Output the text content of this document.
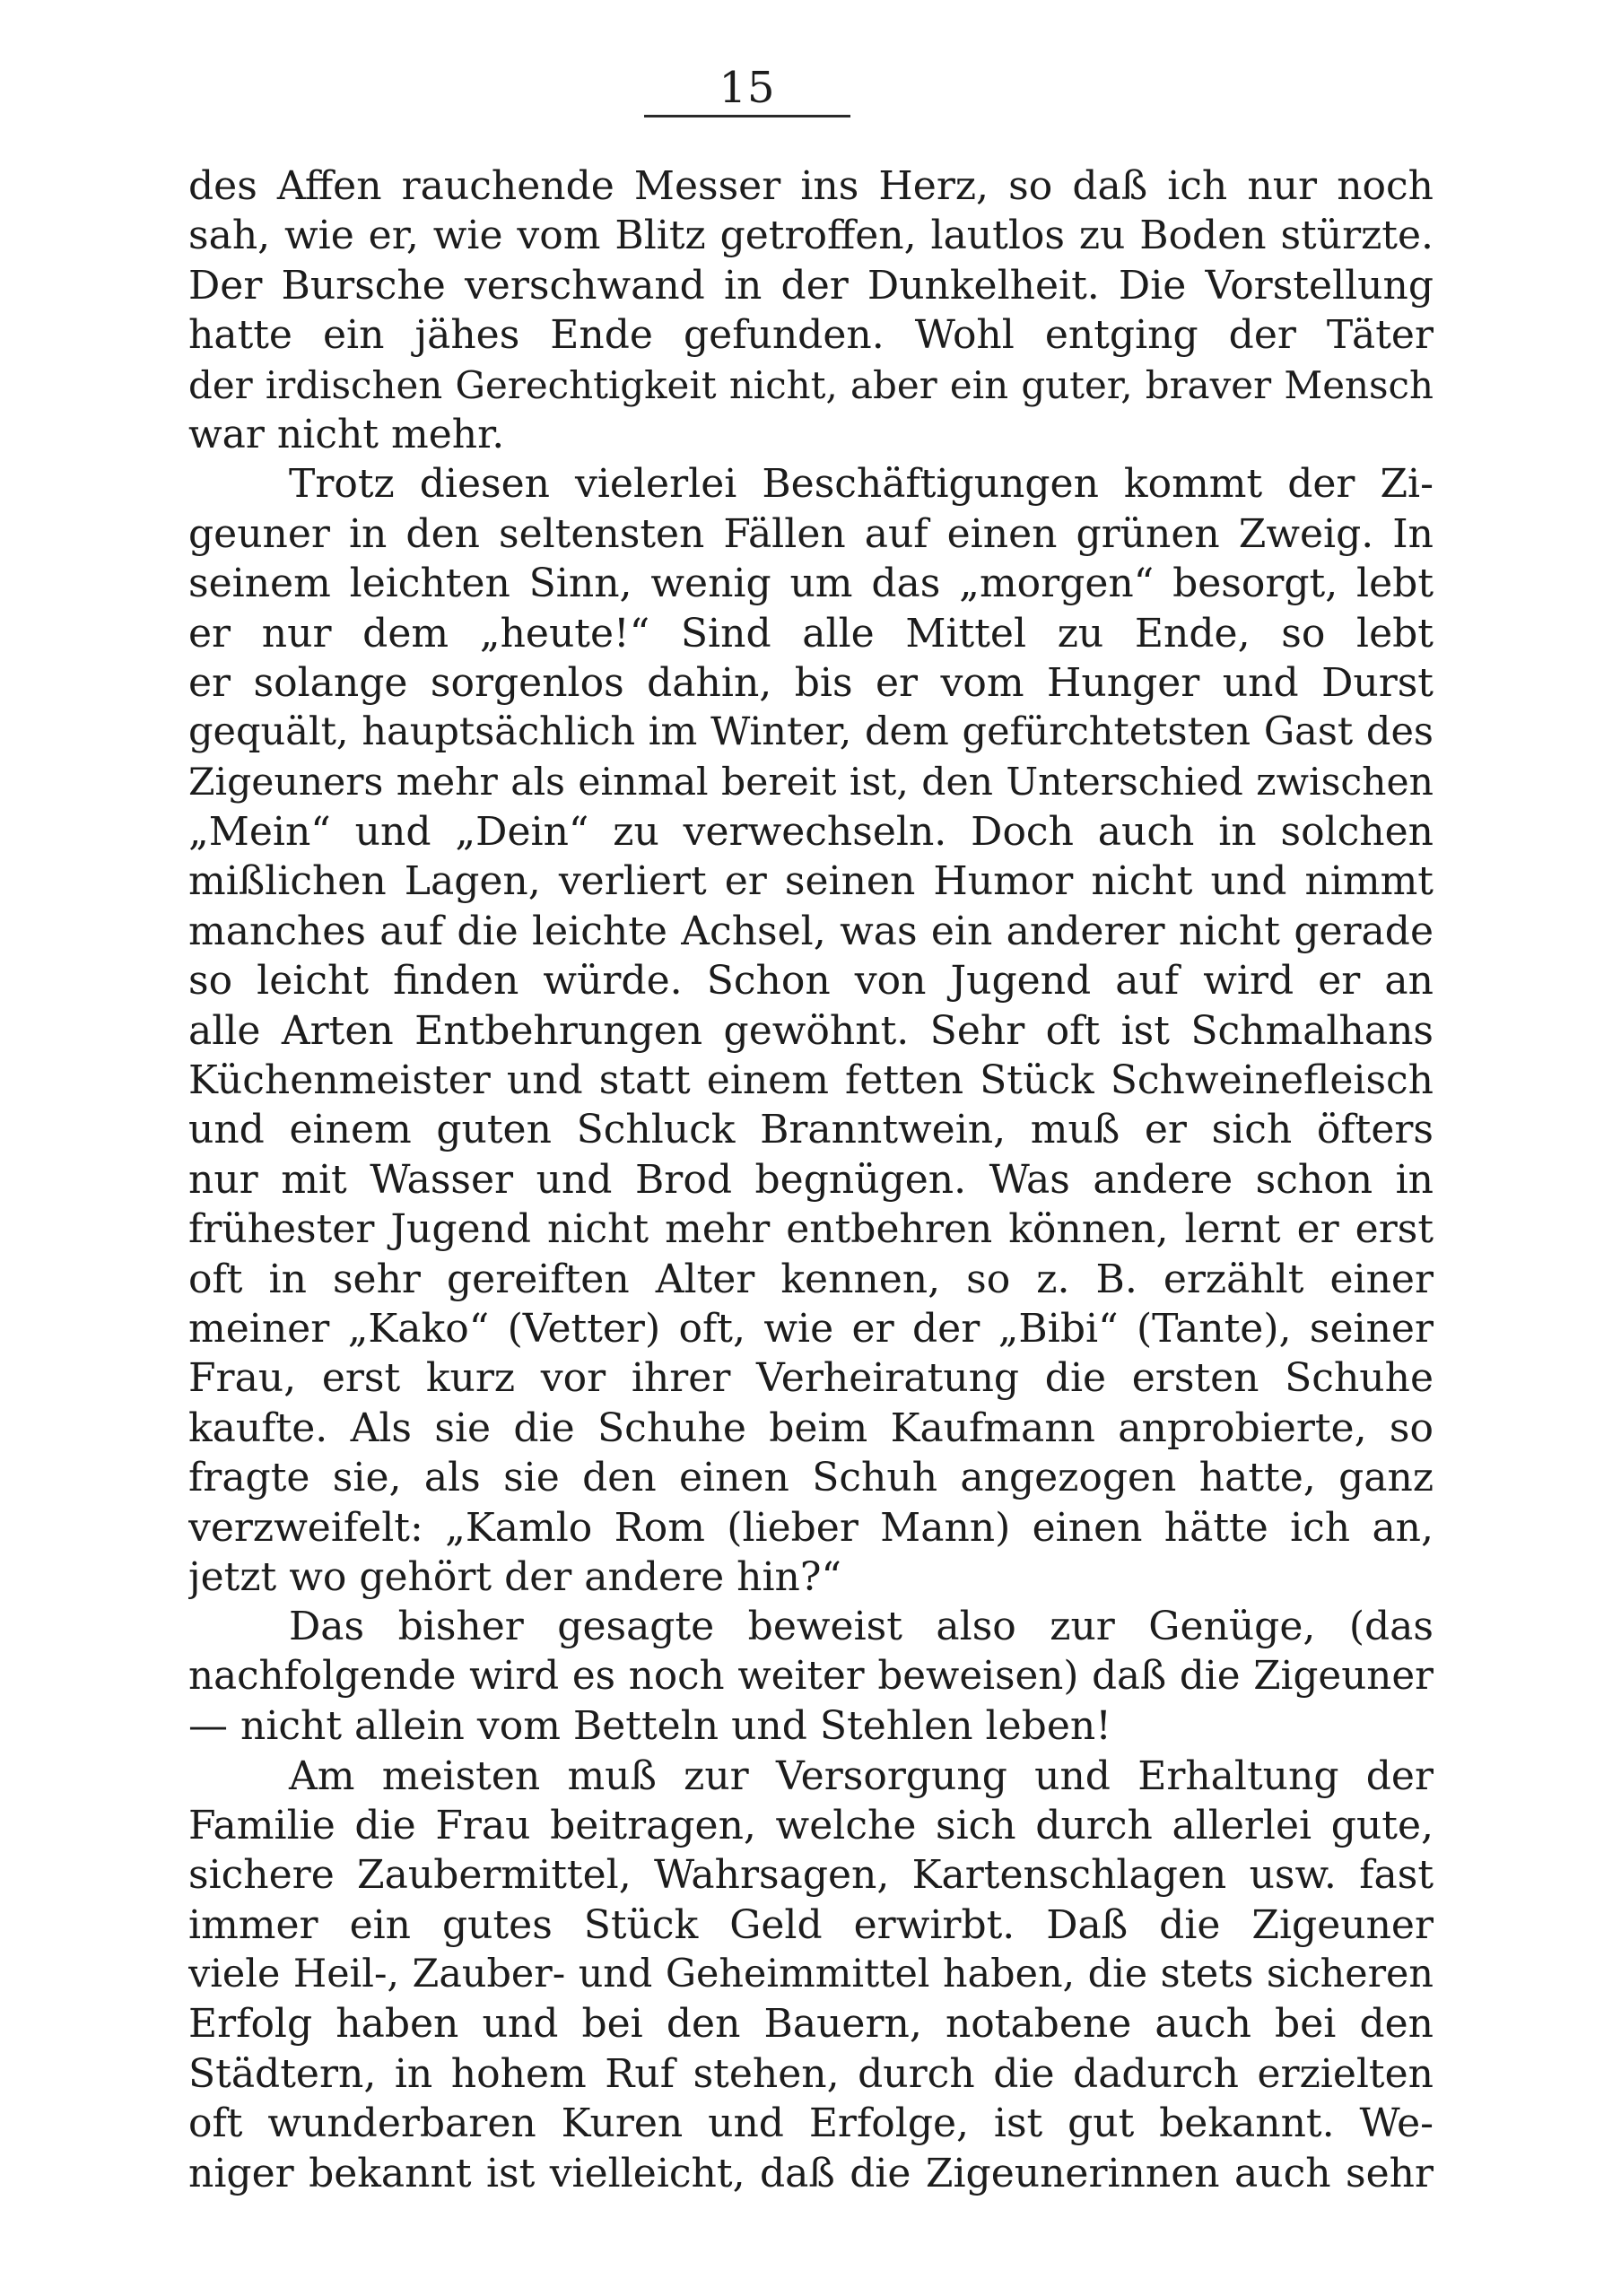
15
des Affen rauchende Messer ins Herz, so daß ich nur noch
sah, wie er, wie vom Blitz getroffen, lautlos zu Boden stürzte.
Der Bursche verschwand in der Dunkelheit. Die Vorstellung
hatte ein jähes Ende gefunden. Wohl entging der Täter
der irdischen Gerechtigkeit nicht, aber ein guter, braver Mensch
war nicht mehr.
Trotz diesen vielerlei Beschäftigungen kommt der Zi-
geuner in den seltensten Fällen auf einen grünen Zweig. In
seinem leichten Sinn, wenig um das „morgen“ besorgt, lebt
er nur dem „heute!“ Sind alle Mittel zu Ende, so lebt
er solange sorgenlos dahin, bis er vom Hunger und Durst
gequält, hauptsächlich im Winter, dem gefürchtetsten Gast des
Zigeuners mehr als einmal bereit ist, den Unterschied zwischen
„Mein“ und „Dein“ zu verwechseln. Doch auch in solchen
mißlichen Lagen, verliert er seinen Humor nicht und nimmt
manches auf die leichte Achsel, was ein anderer nicht gerade
so leicht finden würde. Schon von Jugend auf wird er an
alle Arten Entbehrungen gewöhnt. Sehr oft ist Schmalhans
Küchenmeister und statt einem fetten Stück Schweinefleisch
und einem guten Schluck Branntwein, muß er sich öfters
nur mit Wasser und Brod begnügen. Was andere schon in
frühester Jugend nicht mehr entbehren können, lernt er erst
oft in sehr gereiften Alter kennen, so z. B. erzählt einer
meiner „Kako“ (Vetter) oft, wie er der „Bibi“ (Tante), seiner
Frau, erst kurz vor ihrer Verheiratung die ersten Schuhe
kaufte. Als sie die Schuhe beim Kaufmann anprobierte, so
fragte sie, als sie den einen Schuh angezogen hatte, ganz
verzweifelt: „Kamlo Rom (lieber Mann) einen hätte ich an,
jetzt wo gehört der andere hin?“
Das bisher gesagte beweist also zur Genüge, (das
nachfolgende wird es noch weiter beweisen) daß die Zigeuner
— nicht allein vom Betteln und Stehlen leben!
Am meisten muß zur Versorgung und Erhaltung der
Familie die Frau beitragen, welche sich durch allerlei gute,
sichere Zaubermittel, Wahrsagen, Kartenschlagen usw. fast
immer ein gutes Stück Geld erwirbt. Daß die Zigeuner
viele Heil-, Zauber- und Geheimmittel haben, die stets sicheren
Erfolg haben und bei den Bauern, notabene auch bei den
Städtern, in hohem Ruf stehen, durch die dadurch erzielten
oft wunderbaren Kuren und Erfolge, ist gut bekannt. We-
niger bekannt ist vielleicht, daß die Zigeunerinnen auch sehr
